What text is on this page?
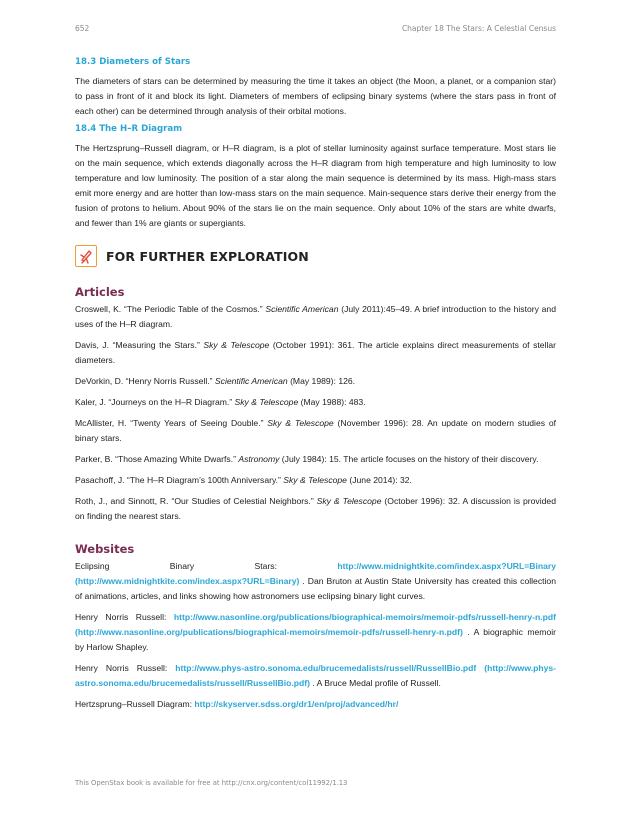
652	Chapter 18 The Stars: A Celestial Census
18.3 Diameters of Stars

The diameters of stars can be determined by measuring the time it takes an object (the Moon, a planet, or a companion star) to pass in front of it and block its light. Diameters of members of eclipsing binary systems (where the stars pass in front of each other) can be determined through analysis of their orbital motions.

18.4 The H–R Diagram

The Hertzsprung–Russell diagram, or H–R diagram, is a plot of stellar luminosity against surface temperature. Most stars lie on the main sequence, which extends diagonally across the H–R diagram from high temperature and high luminosity to low temperature and low luminosity. The position of a star along the main sequence is determined by its mass. High-mass stars emit more energy and are hotter than low-mass stars on the main sequence. Main-sequence stars derive their energy from the fusion of protons to helium. About 90% of the stars lie on the main sequence. Only about 10% of the stars are white dwarfs, and fewer than 1% are giants or supergiants.

FOR FURTHER EXPLORATION
Articles

Croswell, K. “The Periodic Table of the Cosmos.” Scientific American (July 2011):45–49. A brief introduction to the history and uses of the H–R diagram.

Davis, J. “Measuring the Stars.” Sky & Telescope (October 1991): 361. The article explains direct measurements of stellar diameters.

DeVorkin, D. “Henry Norris Russell.” Scientific American (May 1989): 126.

Kaler, J. “Journeys on the H–R Diagram.” Sky & Telescope (May 1988): 483.

McAllister, H. “Twenty Years of Seeing Double.” Sky & Telescope (November 1996): 28. An update on modern studies of binary stars.

Parker, B. “Those Amazing White Dwarfs.” Astronomy (July 1984): 15. The article focuses on the history of their discovery.

Pasachoff, J. “The H–R Diagram’s 100th Anniversary.” Sky & Telescope (June 2014): 32.

Roth, J., and Sinnott, R. “Our Studies of Celestial Neighbors.” Sky & Telescope (October 1996): 32. A discussion is provided on finding the nearest stars.

Websites

Eclipsing Binary Stars: http://www.midnightkite.com/index.aspx?URL=Binary (http://www.midnightkite.com/index.aspx?URL=Binary) . Dan Bruton at Austin State University has created this collection of animations, articles, and links showing how astronomers use eclipsing binary light curves.

Henry Norris Russell: http://www.nasonline.org/publications/biographical-memoirs/memoir-pdfs/russell-henry-n.pdf (http://www.nasonline.org/publications/biographical-memoirs/memoir-pdfs/russell-henry-n.pdf) . A biographic memoir by Harlow Shapley.

Henry Norris Russell: http://www.phys-astro.sonoma.edu/brucemedalists/russell/RussellBio.pdf (http://www.phys-astro.sonoma.edu/brucemedalists/russell/RussellBio.pdf) . A Bruce Medal profile of Russell.

Hertzsprung–Russell Diagram: http://skyserver.sdss.org/dr1/en/proj/advanced/hr/

This OpenStax book is available for free at http://cnx.org/content/col11992/1.13
